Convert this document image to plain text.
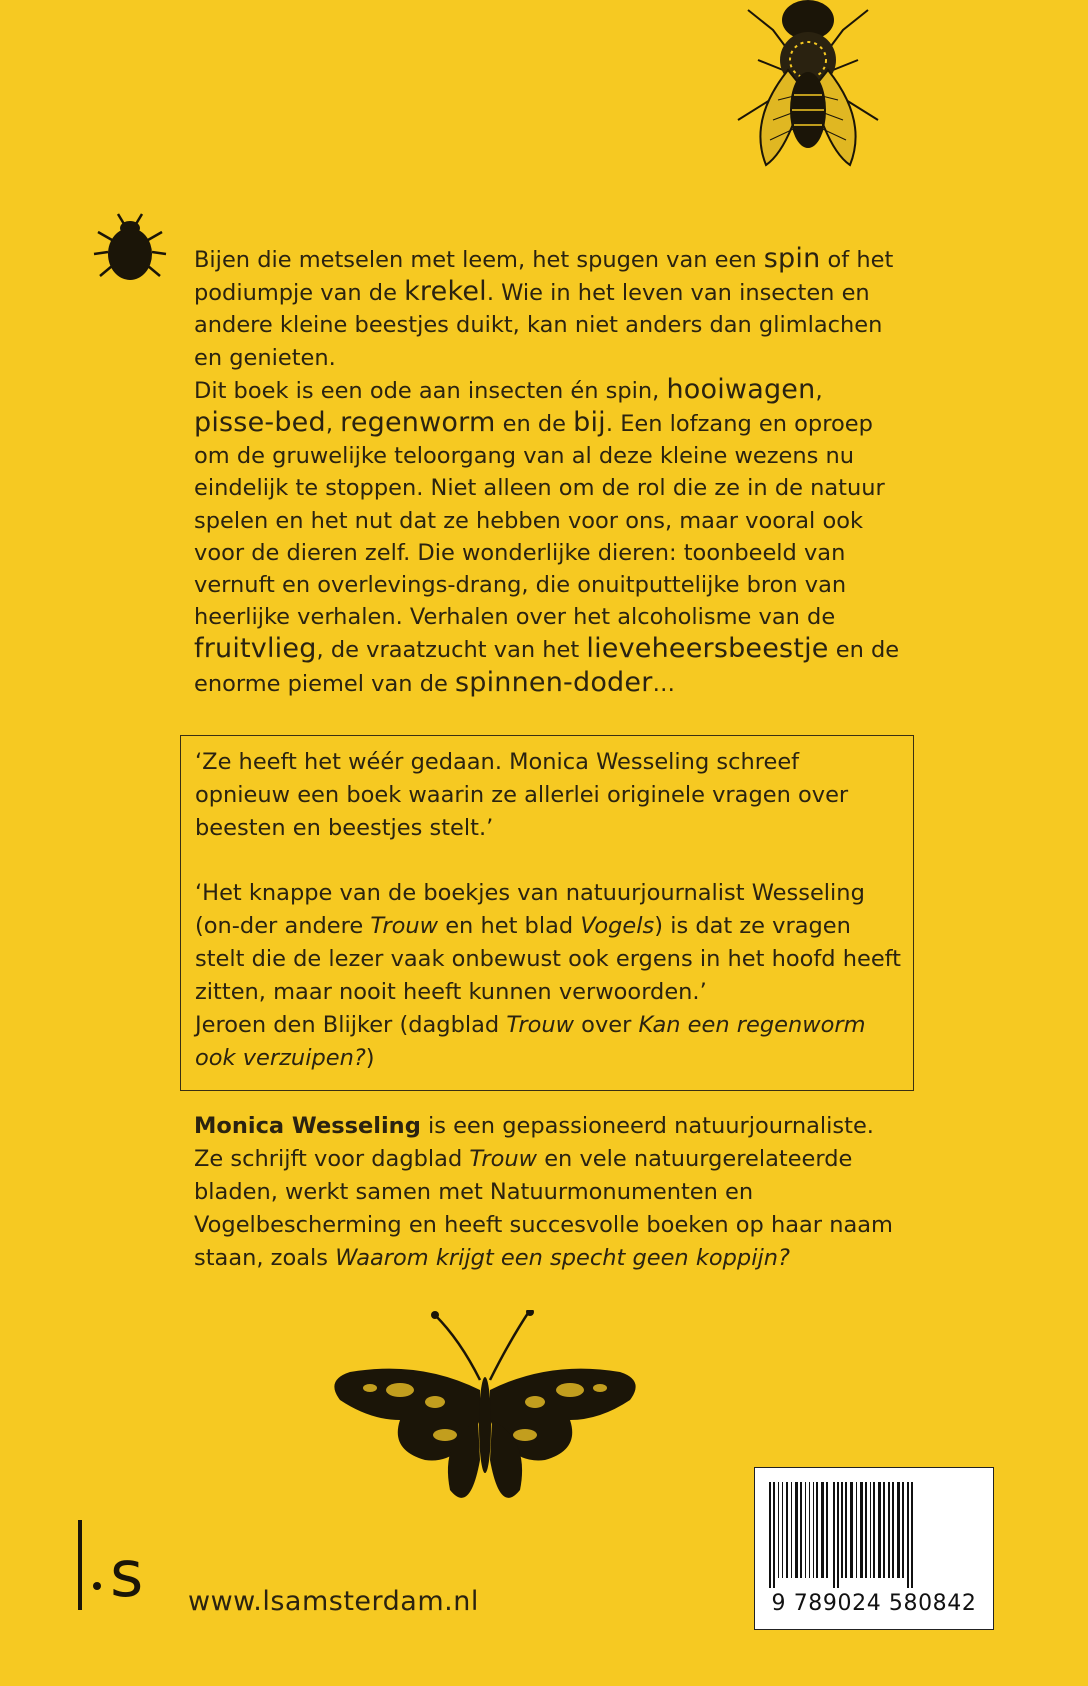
Bijen die metselen met leem, het spugen van een spin of het podiumpje van de krekel. Wie in het leven van insecten en andere kleine beestjes duikt, kan niet anders dan glimlachen en genieten.

Dit boek is een ode aan insecten én spin, hooiwagen, pisse-bed, regenworm en de bij. Een lofzang en oproep om de gruwelijke teloorgang van al deze kleine wezens nu eindelijk te stoppen. Niet alleen om de rol die ze in de natuur spelen en het nut dat ze hebben voor ons, maar vooral ook voor de dieren zelf. Die wonderlijke dieren: toonbeeld van vernuft en overlevings-drang, die onuitputtelijke bron van heerlijke verhalen. Verhalen over het alcoholisme van de fruitvlieg, de vraatzucht van het lieveheersbeestje en de enorme piemel van de spinnen-doder…

‘Ze heeft het wéér gedaan. Monica Wesseling schreef opnieuw een boek waarin ze allerlei originele vragen over beesten en beestjes stelt.’

‘Het knappe van de boekjes van natuurjournalist Wesseling (on-der andere Trouw en het blad Vogels) is dat ze vragen stelt die de lezer vaak onbewust ook ergens in het hoofd heeft zitten, maar nooit heeft kunnen verwoorden.’

Jeroen den Blijker (dagblad Trouw over Kan een regenworm ook verzuipen?)

Monica Wesseling is een gepassioneerd natuurjournaliste. Ze schrijft voor dagblad Trouw en vele natuurgerelateerde bladen, werkt samen met Natuurmonumenten en Vogelbescherming en heeft succesvolle boeken op haar naam staan, zoals Waarom krijgt een specht geen koppijn?

s www.lsamsterdam.nl	9 789024 580842
